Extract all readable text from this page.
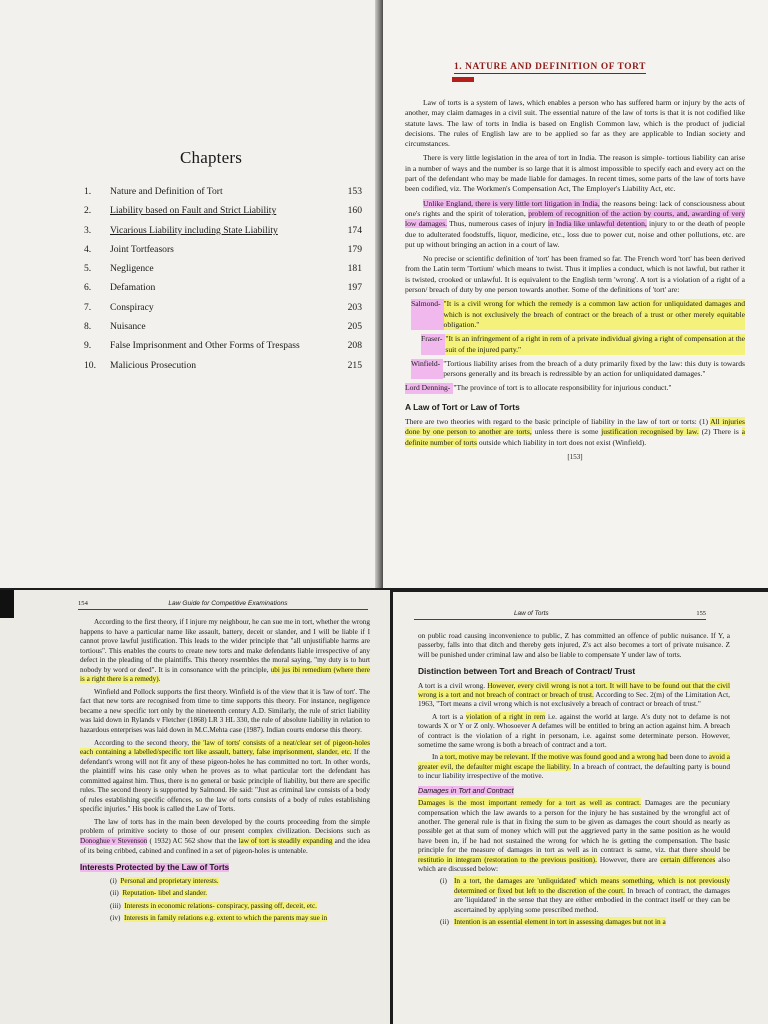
Chapters
1.	Nature and Definition of Tort	153
2.	Liability based on Fault and Strict Liability	160
3.	Vicarious Liability including State Liability	174
4.	Joint Tortfeasors	179
5.	Negligence	181
6.	Defamation	197
7.	Conspiracy	203
8.	Nuisance	205
9.	False Imprisonment and Other Forms of Trespass	208
10.	Malicious Prosecution	215
1. NATURE AND DEFINITION OF TORT

Law of torts is a system of laws, which enables a person who has suffered harm or injury by the acts of another, may claim damages in a civil suit. The essential nature of the law of torts is that it is not codified like statute laws. The law of torts in India is based on English Common law, which is the product of judicial decisions. The rules of English law are to be applied so far as they are applicable to Indian society and circumstances.

There is very little legislation in the area of tort in India. The reason is simple- tortious liability can arise in a number of ways and the number is so large that it is almost impossible to specify each and every act on the part of the defendant who may be made liable for damages. In recent times, some parts of the law of torts have been codified, viz. The Workmen's Compensation Act, The Employer's Liability Act, etc.

Unlike England, there is very little tort litigation in India, the reasons being: lack of consciousness about one's rights and the spirit of toleration, problem of recognition of the action by courts, and, awarding of very low damages. Thus, numerous cases of injury in India like unlawful detention, injury to or the death of people due to adulterated foodstuffs, liquor, medicine, etc., loss due to power cut, noise and other pollutions, etc. are put up without bringing an action in a court of law.

No precise or scientific definition of 'tort' has been framed so far. The French word 'tort' has been derived from the Latin term 'Tortium' which means to twist. Thus it implies a conduct, which is not lawful, but rather it is twisted, crooked or unlawful. It is equivalent to the English term 'wrong'. A tort is a violation of a right of a person/ breach of duty by one person towards another. Some of the definitions of 'tort' are:

Salmond- "It is a civil wrong for which the remedy is a common law action for unliquidated damages and which is not exclusively the breach of contract or the breach of a trust or other merely equitable obligation."
Fraser- "It is an infringement of a right in rem of a private individual giving a right of compensation at the suit of the injured party."
Winfield- "Tortious liability arises from the breach of a duty primarily fixed by the law: this duty is towards persons generally and its breach is redressible by an action for unliquidated damages."
Lord Denning- "The province of tort is to allocate responsibility for injurious conduct."
A Law of Tort or Law of Torts

There are two theories with regard to the basic principle of liability in the law of tort or torts: (1) All injuries done by one person to another are torts, unless there is some justification recognised by law. (2) There is a definite number of torts outside which liability in tort does not exist (Winfield).

[153]
154	Law Guide for Competitive Examinations

According to the first theory, if I injure my neighbour, he can sue me in tort, whether the wrong happens to have a particular name like assault, battery, deceit or slander, and I will be liable if I cannot prove lawful justification. This leads to the wider principle that "all unjustifiable harms are tortious". This enables the courts to create new torts and make defendants liable irrespective of any defect in the pleading of the plaintiffs. This theory resembles the moral saying, "my duty is to hurt nobody by word or deed". It is in consonance with the principle, ubi jus ibi remedium (where there is a right there is a remedy).

Winfield and Pollock supports the first theory. Winfield is of the view that it is 'law of tort'. The fact that new torts are recognised from time to time supports this theory. For instance, negligence became a new specific tort only by the nineteenth century A.D. Similarly, the rule of strict liability was laid down in Rylands v Fletcher (1868) LR 3 HL 330, the rule of absolute liability in relation to hazardous enterprises was laid down in M.C.Mehta case (1987). Indian courts endorse this theory.

According to the second theory, the 'law of torts' consists of a neat/clear set of pigeon-holes each containing a labelled/specific tort like assault, battery, false imprisonment, slander, etc. If the defendant's wrong will not fit any of these pigeon-holes he has committed no tort. In other words, the plaintiff wins his case only when he proves as to what particular tort the defendant has committed against him. Thus, there is no general or basic principle of liability, but there are specific rules. The second theory is supported by Salmond. He said: "Just as criminal law consists of a body of rules establishing specific offences, so the law of torts consists of a body of rules establishing specific injuries." His book is called the Law of Torts.

The law of torts has in the main been developed by the courts proceeding from the simple problem of primitive society to those of our present complex civilization. Decisions such as Donoghue v Stevenson ( 1932) AC 562 show that the law of tort is steadily expanding and the idea of its being cribbed, cabined and confined in a set of pigeon-holes is untenable.

Interests Protected by the Law of Torts
(i) Personal and proprietary interests.
(ii) Reputation- libel and slander.
(iii) Interests in economic relations- conspiracy, passing off, deceit, etc.
(iv) Interests in family relations e.g. extent to which the parents may sue in
Law of Torts	155

on public road causing inconvenience to public, Z has committed an offence of public nuisance. If Y, a passerby, falls into that ditch and thereby gets injured, Z's act also becomes a tort of private nuisance. Z will be punished under criminal law and also be liable to compensate Y under law of torts.

Distinction between Tort and Breach of Contract/ Trust

A tort is a civil wrong. However, every civil wrong is not a tort. It will have to be found out that the civil wrong is a tort and not breach of contract or breach of trust. According to Sec. 2(m) of the Limitation Act, 1963, "Tort means a civil wrong which is not exclusively a breach of contract or breach of trust."

A tort is a violation of a right in rem i.e. against the world at large. A's duty not to defame is not towards X or Y or Z only. Whosoever A defames will be entitled to bring an action against him. A breach of contract is the violation of a right in personam, i.e. against some determinate person. However, sometime the same wrong is both a breach of contract and a tort.

In a tort, motive may be relevant. If the motive was found good and a wrong had been done to avoid a greater evil, the defaulter might escape the liability. In a breach of contract, the defaulting party is bound to incur liability irrespective of the motive.

Damages in Tort and Contract

Damages is the most important remedy for a tort as well as contract. Damages are the pecuniary compensation which the law awards to a person for the injury he has sustained by the wrongful act of another. The general rule is that in fixing the sum to be given as damages the court should as nearly as possible get at that sum of money which will put the aggrieved party in the same position as he would have been in, if he had not sustained the wrong for which he is getting the compensation. The basic principle for the measure of damages in tort as well as in contract is same, viz. that there should be restitutio in integram (restoration to the previous position). However, there are certain differences also which are discussed below:

(i) In a tort, the damages are 'unliquidated' which means something, which is not previously determined or fixed but left to the discretion of the court. In breach of contract, the damages are 'liquidated' in the sense that they are either embodied in the contract itself or they can be ascertained by applying some prescribed method.
(ii) Intention is an essential element in tort in assessing damages but not in a
